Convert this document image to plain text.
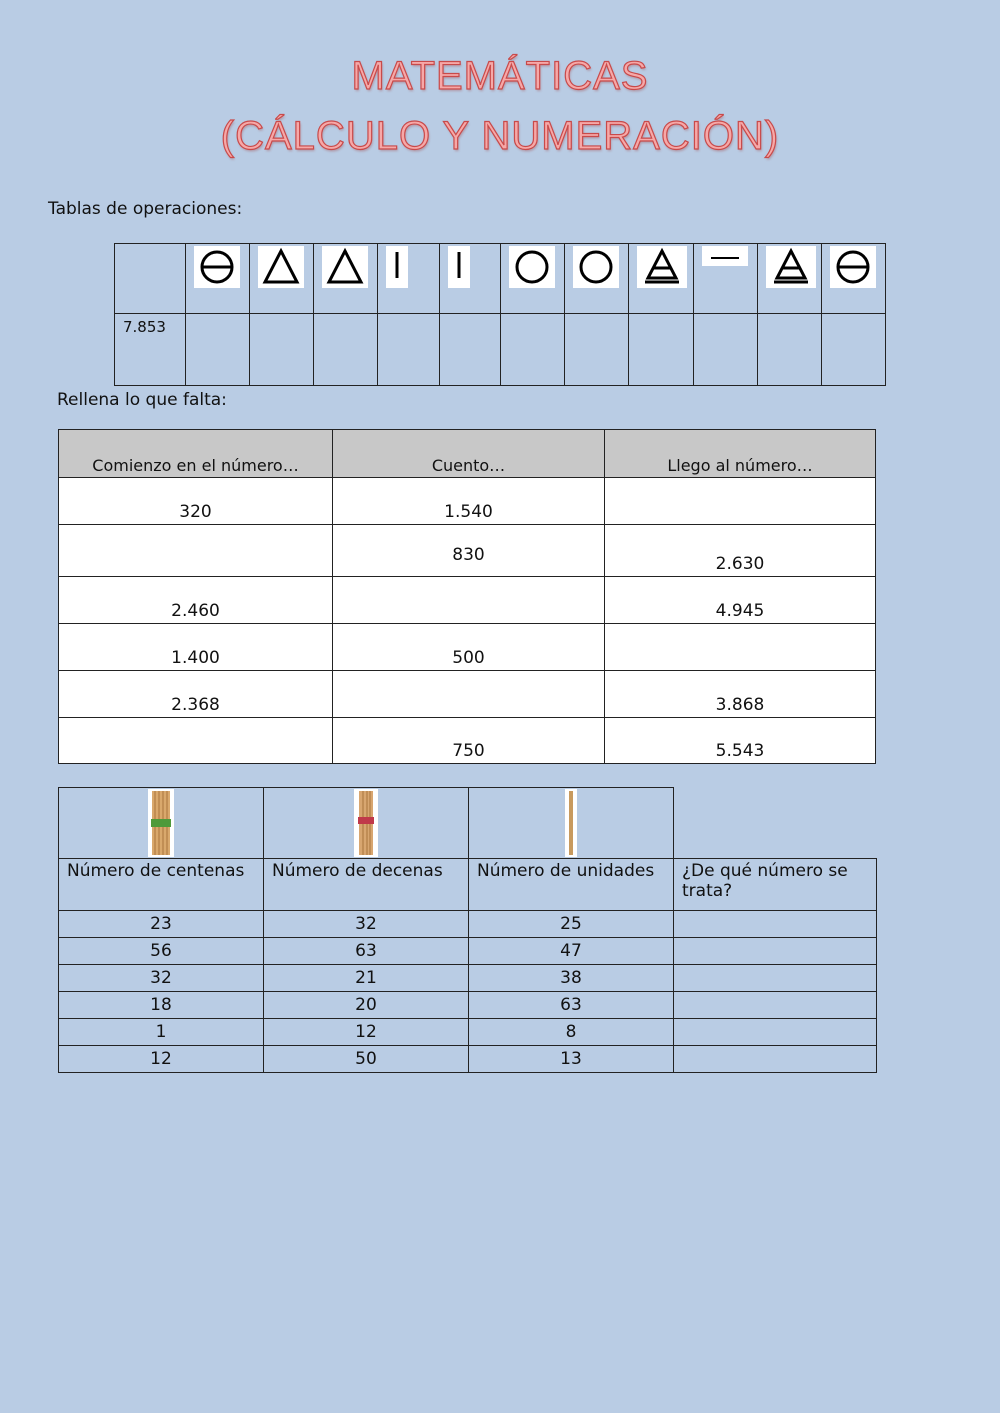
MATEMÁTICAS
(CÁLCULO Y NUMERACIÓN)

Tablas de operaciones:

7.853											

Rellena lo que falta:

Comienzo en el número…	Cuento…	Llego al número…
320	1.540	
	830	2.630
2.460		4.945
1.400	500	
2.368		3.868
	750	5.543

Número de centenas	Número de decenas	Número de unidades	¿De qué número se trata?
23	32	25	
56	63	47	
32	21	38	
18	20	63	
1	12	8	
12	50	13	
